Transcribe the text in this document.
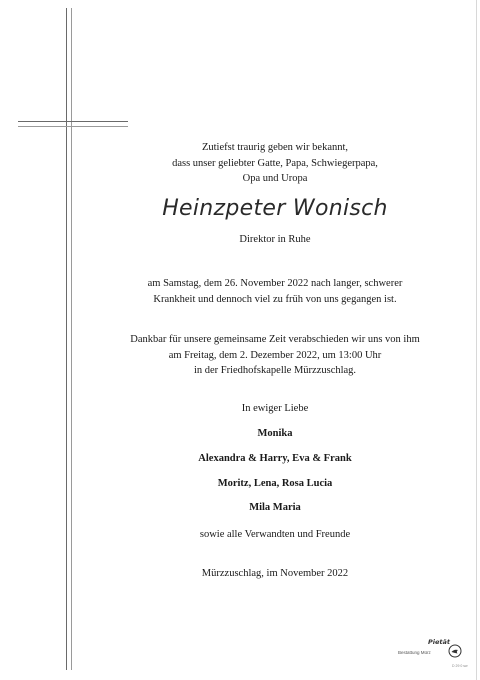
Zutiefst traurig geben wir bekannt,
dass unser geliebter Gatte, Papa, Schwiegerpapa,
Opa und Uropa
Heinzpeter Wonisch
Direktor in Ruhe
am Samstag, dem 26. November 2022 nach langer, schwerer
Krankheit und dennoch viel zu früh von uns gegangen ist.
Dankbar für unsere gemeinsame Zeit verabschieden wir uns von ihm
am Freitag, dem 2. Dezember 2022, um 13:00 Uhr
in der Friedhofskapelle Mürzzuschlag.
In ewiger Liebe
Monika
Alexandra & Harry, Eva & Frank
Moritz, Lena, Rosa Lucia
Mila Maria
sowie alle Verwandten und Freunde
Mürzzuschlag, im November 2022
Pietät
Bestattung Mürz
D 29 0 sw
